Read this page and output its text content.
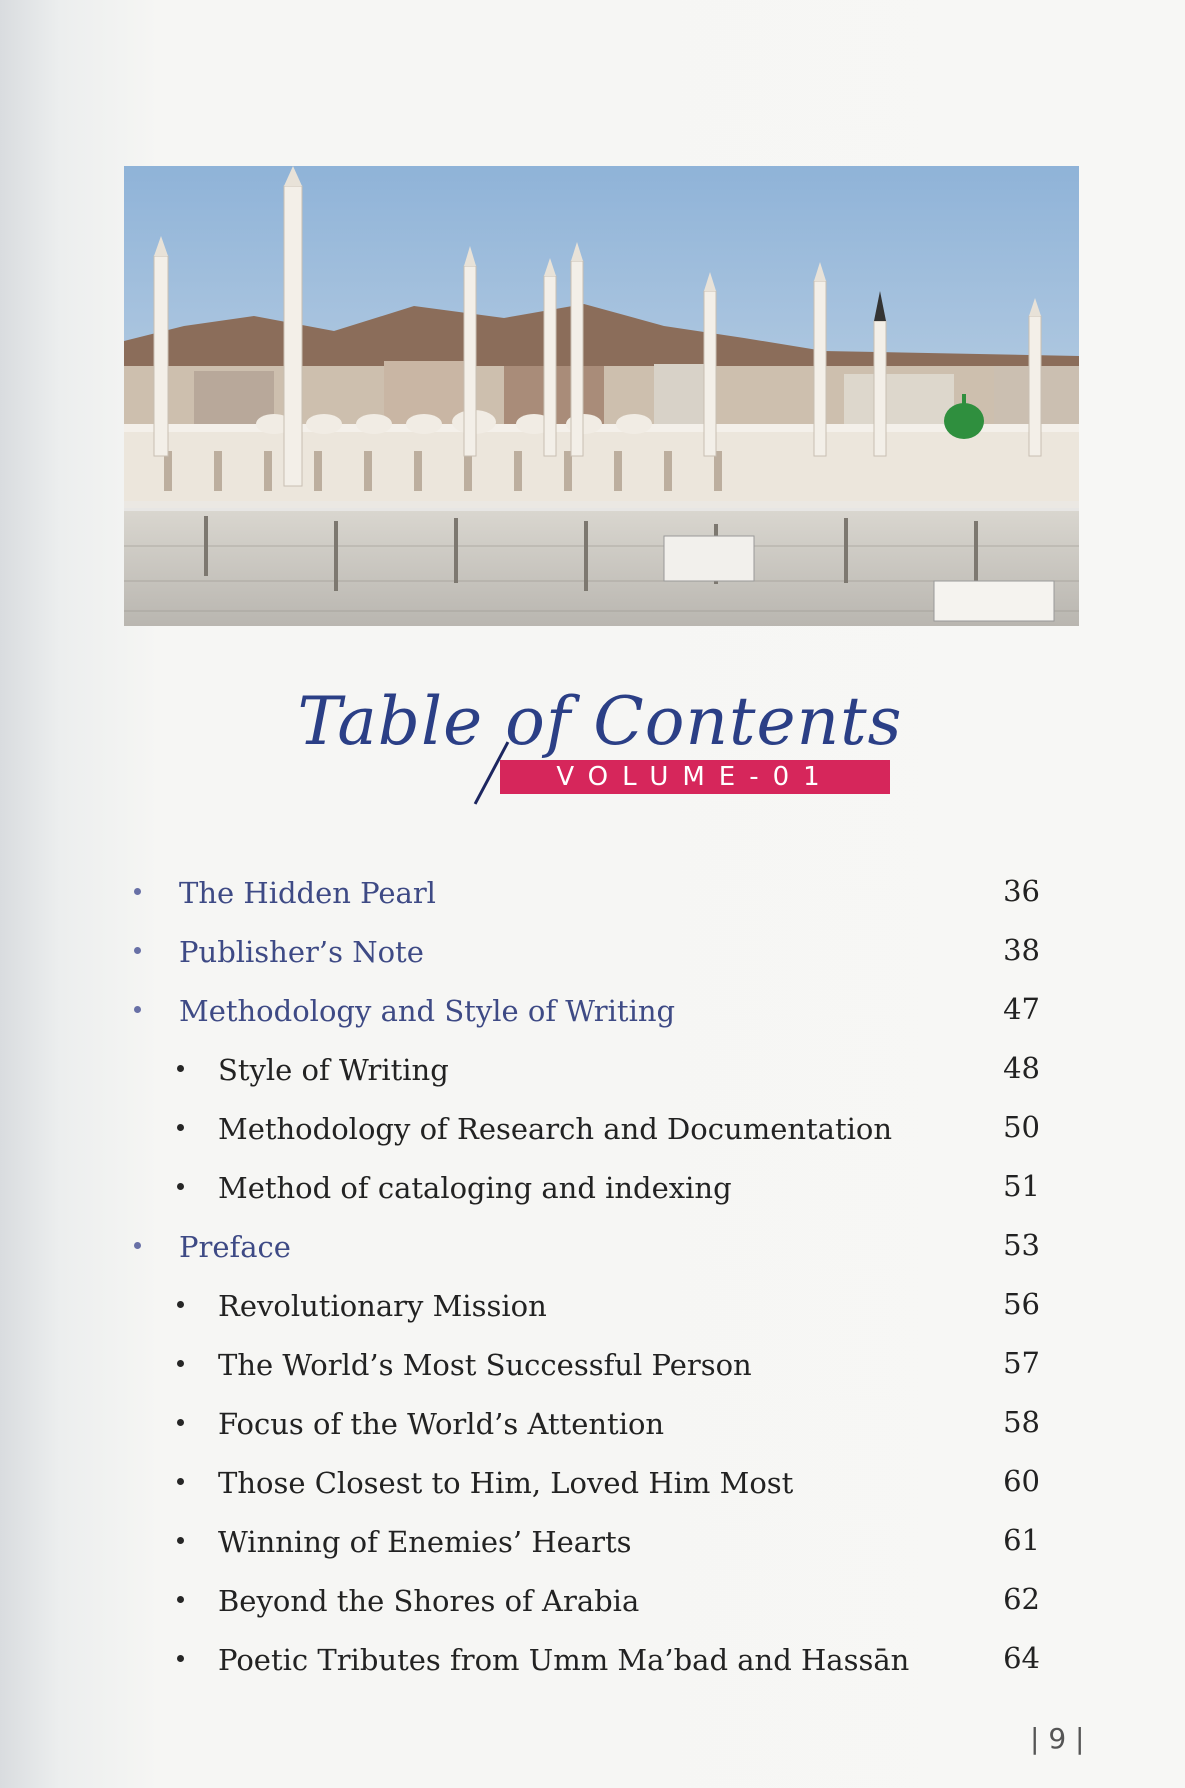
Table of Contents
VOLUME-01
The Hidden Pearl	36
Publisher’s Note	38
Methodology and Style of Writing	47
Style of Writing	48
Methodology of Research and Documentation	50
Method of cataloging and indexing	51
Preface	53
Revolutionary Mission	56
The World’s Most Successful Person	57
Focus of the World’s Attention	58
Those Closest to Him, Loved Him Most	60
Winning of Enemies’ Hearts	61
Beyond the Shores of Arabia	62
Poetic Tributes from Umm Ma’bad and Hassān	64
| 9 |
